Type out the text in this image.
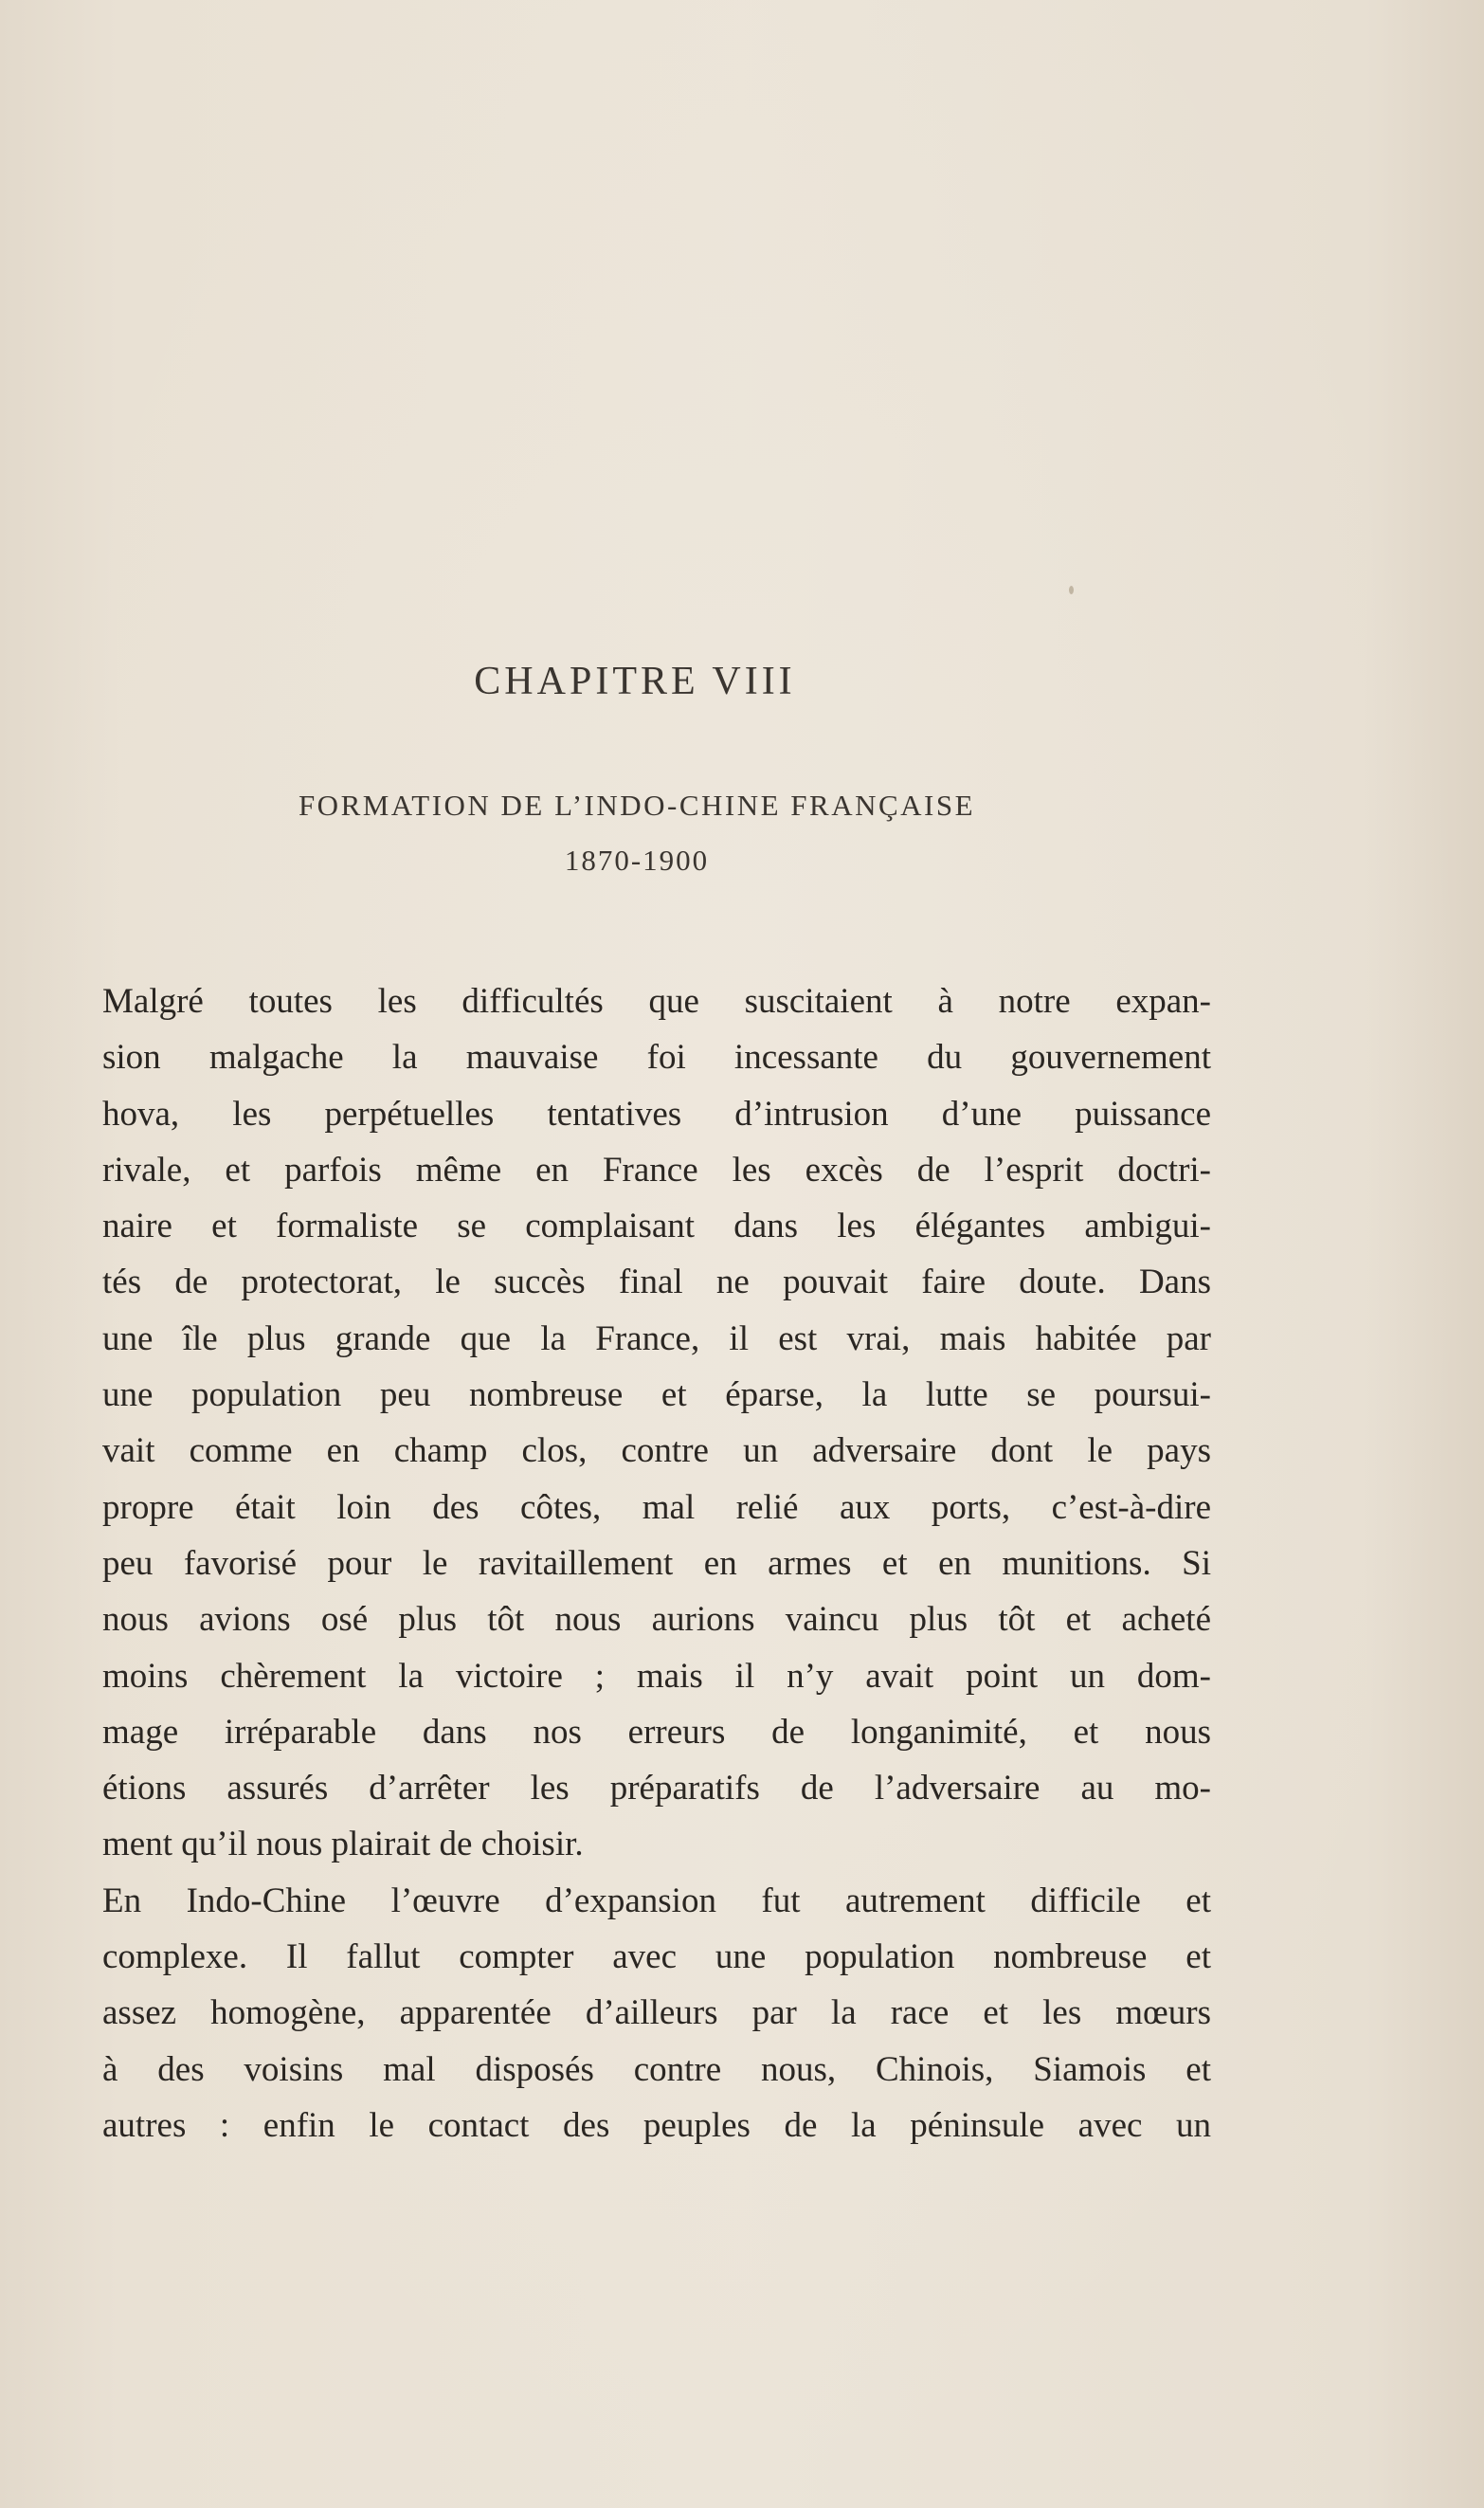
CHAPITRE VIII
FORMATION DE L’INDO-CHINE FRANÇAISE
1870-1900
Malgré toutes les difficultés que suscitaient à notre expan-
sion malgache la mauvaise foi incessante du gouvernement
hova, les perpétuelles tentatives d’intrusion d’une puissance
rivale, et parfois même en France les excès de l’esprit doctri-
naire et formaliste se complaisant dans les élégantes ambigui-
tés de protectorat, le succès final ne pouvait faire doute. Dans
une île plus grande que la France, il est vrai, mais habitée par
une population peu nombreuse et éparse, la lutte se poursui-
vait comme en champ clos, contre un adversaire dont le pays
propre était loin des côtes, mal relié aux ports, c’est-à-dire
peu favorisé pour le ravitaillement en armes et en munitions. Si
nous avions osé plus tôt nous aurions vaincu plus tôt et acheté
moins chèrement la victoire ; mais il n’y avait point un dom-
mage irréparable dans nos erreurs de longanimité, et nous
étions assurés d’arrêter les préparatifs de l’adversaire au mo-
ment qu’il nous plairait de choisir.
En Indo-Chine l’œuvre d’expansion fut autrement difficile et
complexe. Il fallut compter avec une population nombreuse et
assez homogène, apparentée d’ailleurs par la race et les mœurs
à des voisins mal disposés contre nous, Chinois, Siamois et
autres : enfin le contact des peuples de la péninsule avec un
